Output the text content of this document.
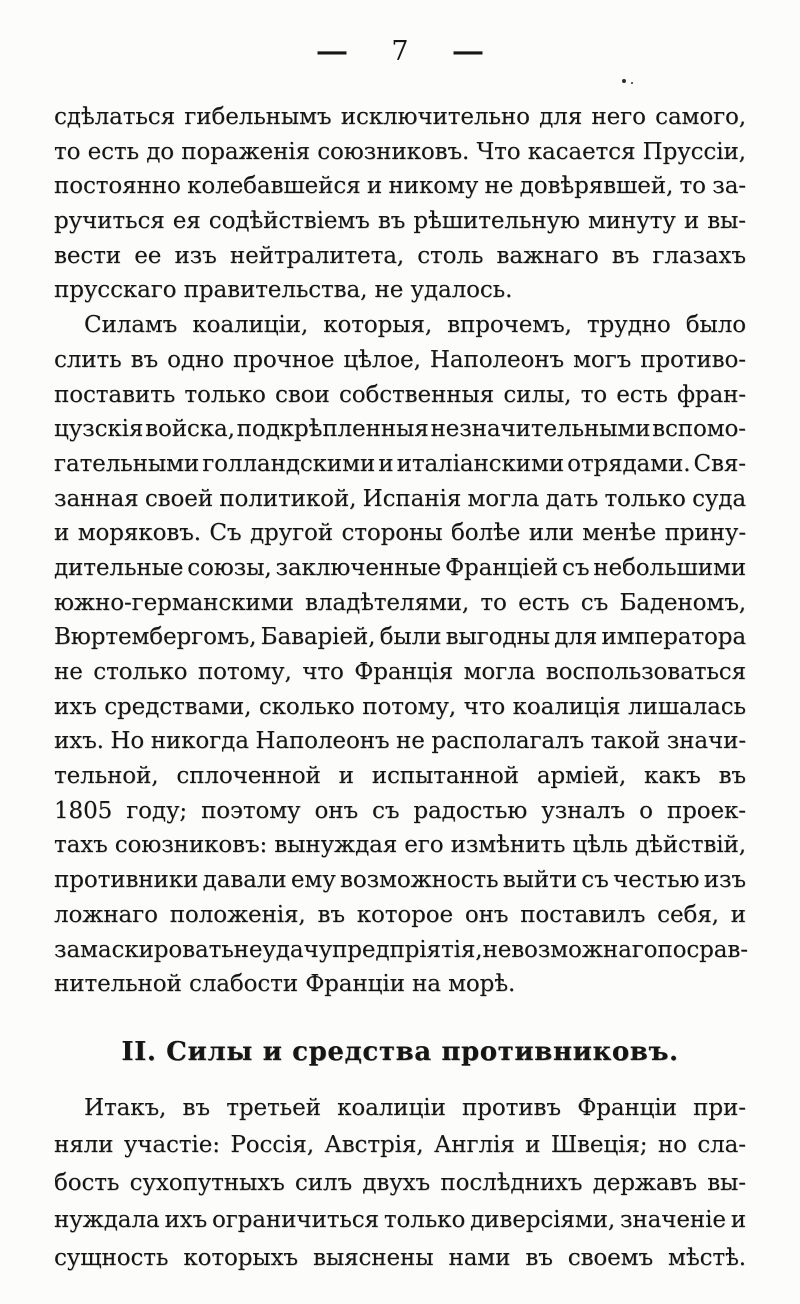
— 7 —
сдѣлаться гибельнымъ исключительно для него самого,
то есть до пораженія союзниковъ. Что касается Пруссіи,
постоянно колебавшейся и никому не довѣрявшей, то за-
ручиться ея содѣйствіемъ въ рѣшительную минуту и вы-
вести ее изъ нейтралитета, столь важнаго въ глазахъ
прусскаго правительства, не удалось.
Силамъ коалиціи, которыя, впрочемъ, трудно было
слить въ одно прочное цѣлое, Наполеонъ могъ противо-
поставить только свои собственныя силы, то есть фран-
цузскія войска, подкрѣпленныя незначительными вспомо-
гательными голландскими и италіанскими отрядами. Свя-
занная своей политикой, Испанія могла дать только суда
и моряковъ. Съ другой стороны болѣе или менѣе прину-
дительные союзы, заключенные Франціей съ небольшими
южно-германскими владѣтелями, то есть съ Баденомъ,
Вюртембергомъ, Баваріей, были выгодны для императора
не столько потому, что Франція могла воспользоваться
ихъ средствами, сколько потому, что коалиція лишалась
ихъ. Но никогда Наполеонъ не располагалъ такой значи-
тельной, сплоченной и испытанной арміей, какъ въ
1805 году; поэтому онъ съ радостью узналъ о проек-
тахъ союзниковъ: вынуждая его измѣнить цѣль дѣйствій,
противники давали ему возможность выйти съ честью изъ
ложнаго положенія, въ которое онъ поставилъ себя, и
замаскировать неудачу предпріятія, невозможнаго по срав-
нительной слабости Франціи на морѣ.
II. Силы и средства противниковъ.
Итакъ, въ третьей коалиціи противъ Франціи при-
няли участіе: Россія, Австрія, Англія и Швеція; но сла-
бость сухопутныхъ силъ двухъ послѣднихъ державъ вы-
нуждала ихъ ограничиться только диверсіями, значеніе и
сущность которыхъ выяснены нами въ своемъ мѣстѣ.
